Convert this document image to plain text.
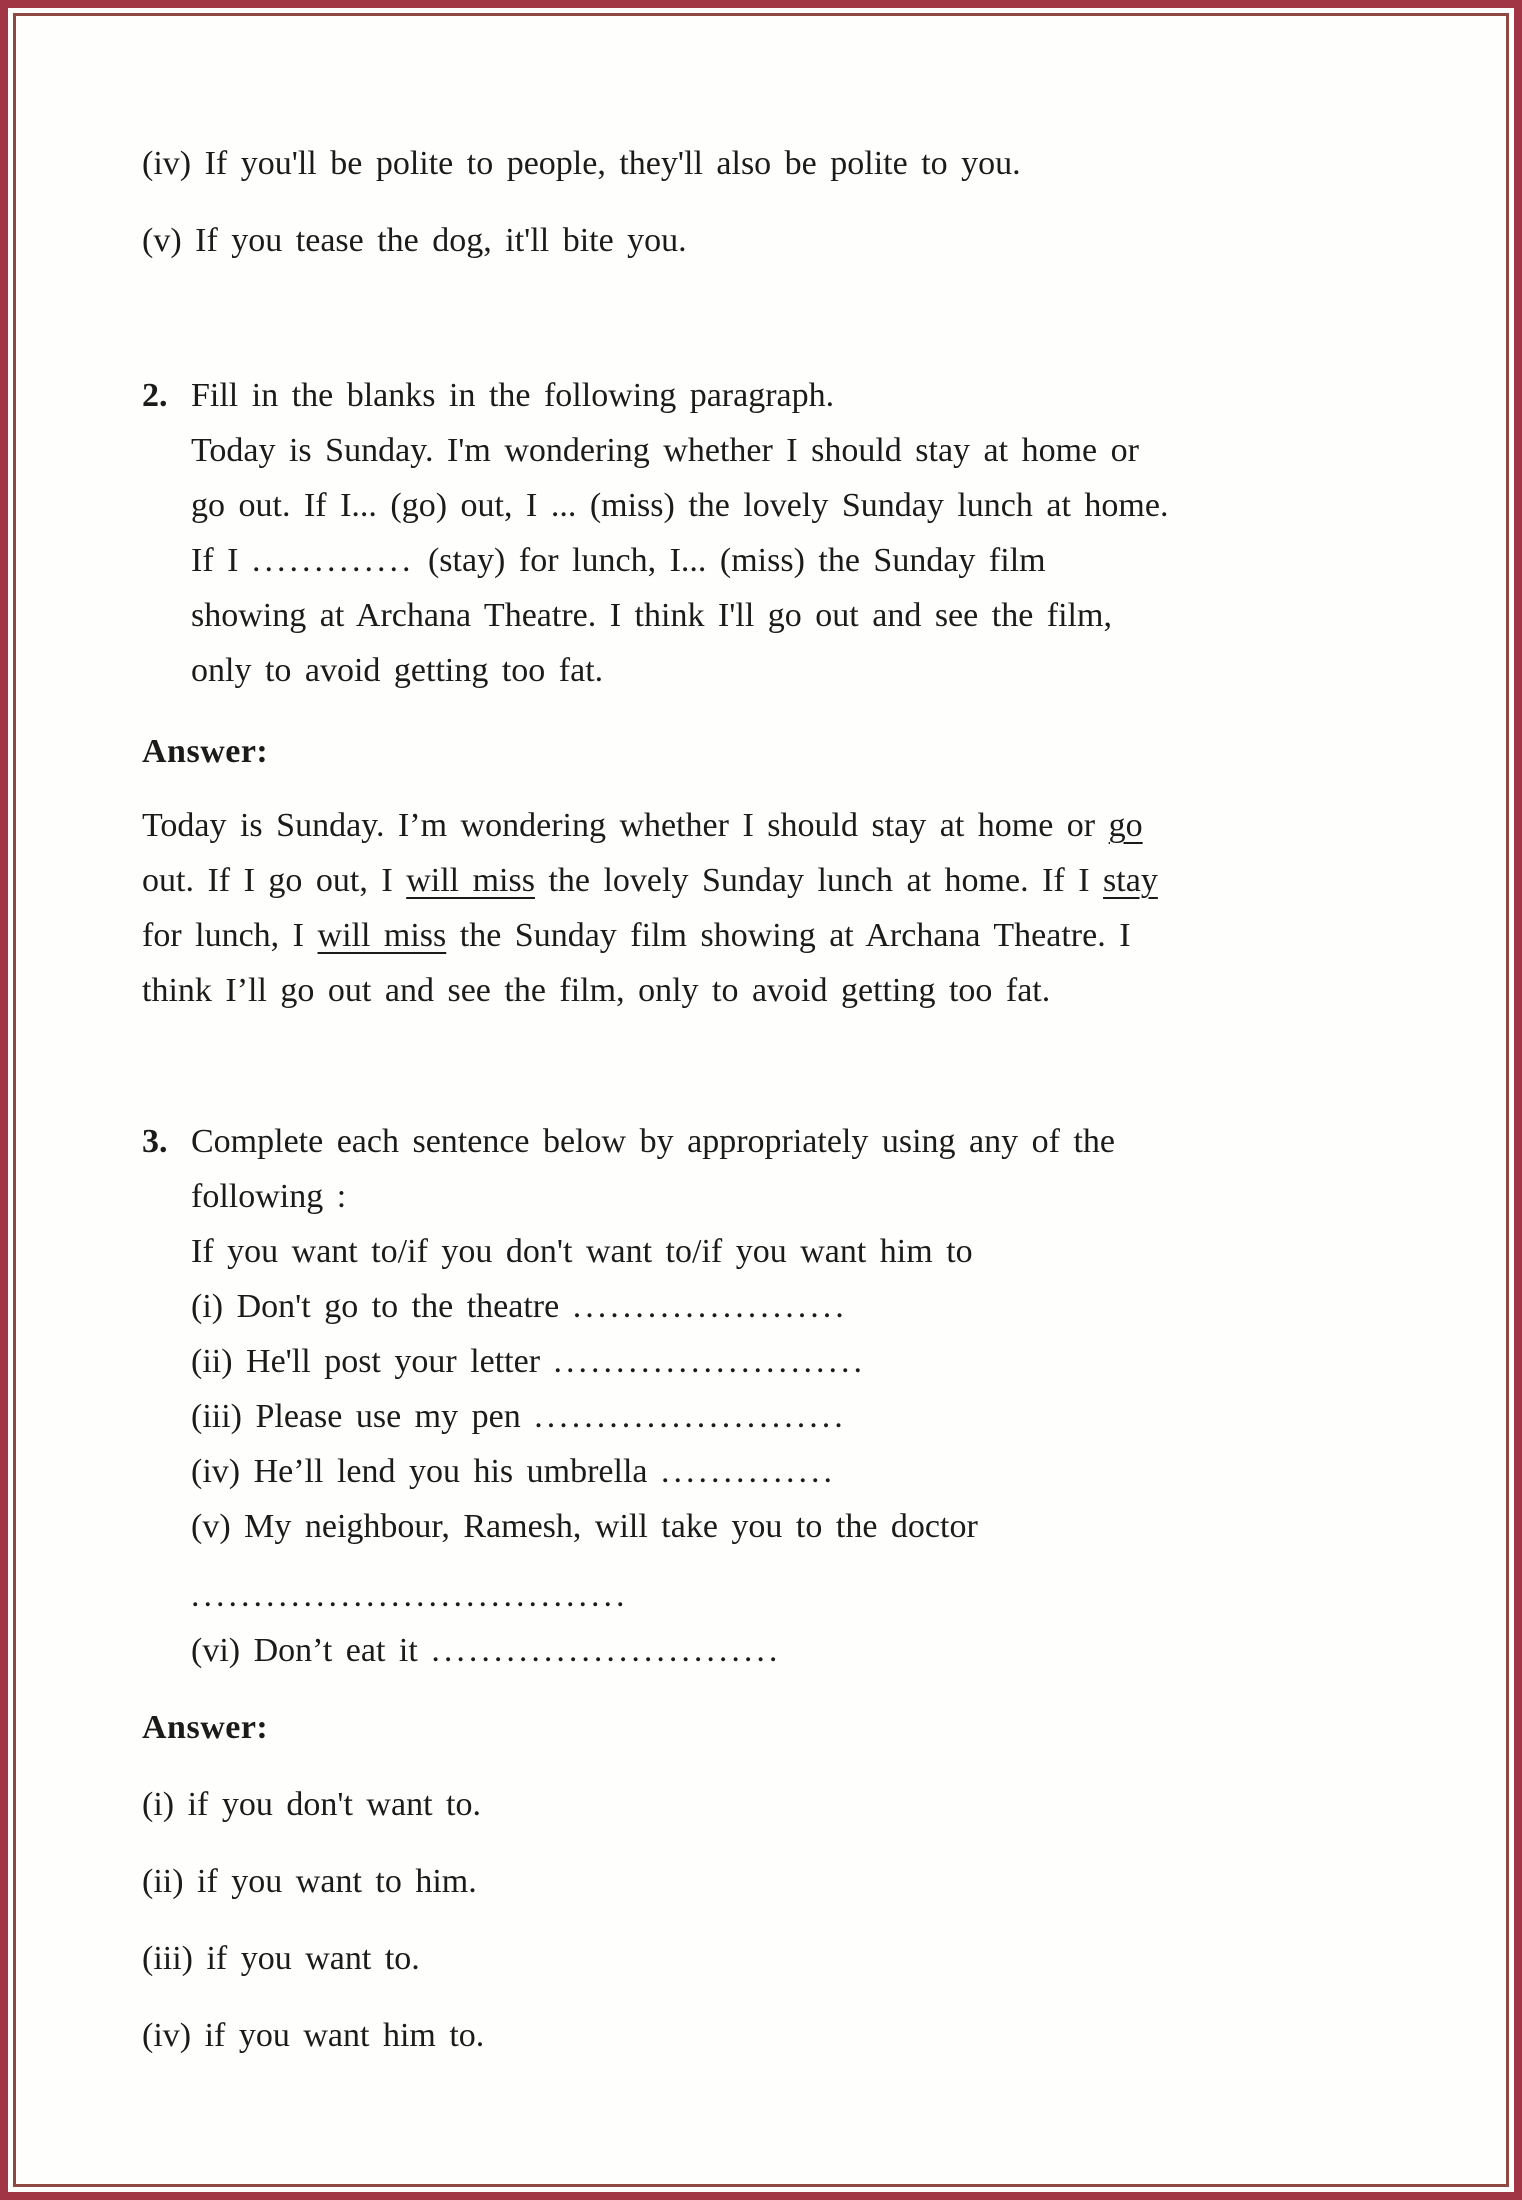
(iv) If you'll be polite to people, they'll also be polite to you.
(v) If you tease the dog, it'll bite you.
2. Fill in the blanks in the following paragraph.
Today is Sunday. I'm wondering whether I should stay at home or
go out. If I... (go) out, I ... (miss) the lovely Sunday lunch at home.
If I ............. (stay) for lunch, I... (miss) the Sunday film
showing at Archana Theatre. I think I'll go out and see the film,
only to avoid getting too fat.
Answer:
Today is Sunday. I’m wondering whether I should stay at home or go
out. If I go out, I will miss the lovely Sunday lunch at home. If I stay
for lunch, I will miss the Sunday film showing at Archana Theatre. I
think I’ll go out and see the film, only to avoid getting too fat.
3. Complete each sentence below by appropriately using any of the
following :
If you want to/if you don't want to/if you want him to
(i) Don't go to the theatre ......................
(ii) He'll post your letter .........................
(iii) Please use my pen .........................
(iv) He’ll lend you his umbrella ..............
(v) My neighbour, Ramesh, will take you to the doctor
...................................
(vi) Don’t eat it ............................
Answer:
(i) if you don't want to.
(ii) if you want to him.
(iii) if you want to.
(iv) if you want him to.
